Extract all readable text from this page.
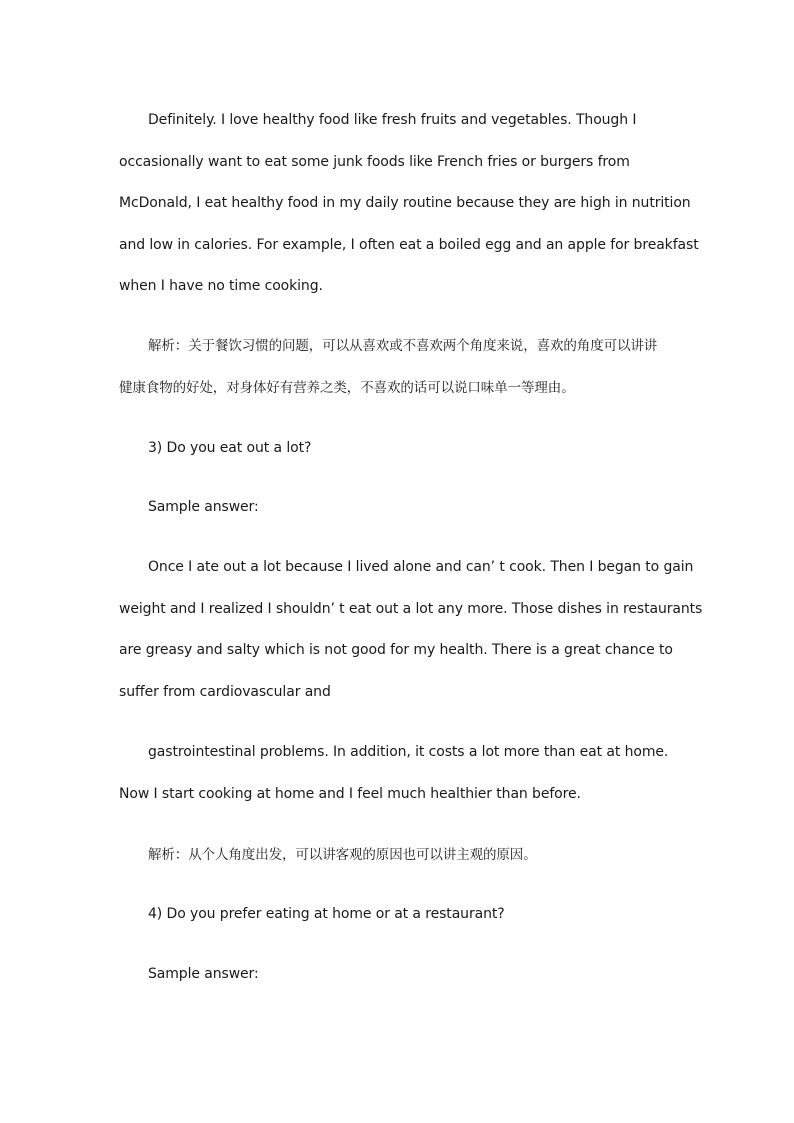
Definitely. I love healthy food like fresh fruits and vegetables. Though I
occasionally want to eat some junk foods like French fries or burgers from
McDonald, I eat healthy food in my daily routine because they are high in nutrition
and low in calories. For example, I often eat a boiled egg and an apple for breakfast
when I have no time cooking.
解析：关于餐饮习惯的问题，可以从喜欢或不喜欢两个角度来说，喜欢的角度可以讲讲
健康食物的好处，对身体好有营养之类，不喜欢的话可以说口味单一等理由。
3) Do you eat out a lot?
Sample answer:
Once I ate out a lot because I lived alone and can’ t cook. Then I began to gain
weight and I realized I shouldn’ t eat out a lot any more. Those dishes in restaurants
are greasy and salty which is not good for my health. There is a great chance to
suffer from cardiovascular and
gastrointestinal problems. In addition, it costs a lot more than eat at home.
Now I start cooking at home and I feel much healthier than before.
解析：从个人角度出发，可以讲客观的原因也可以讲主观的原因。
4) Do you prefer eating at home or at a restaurant?
Sample answer:
